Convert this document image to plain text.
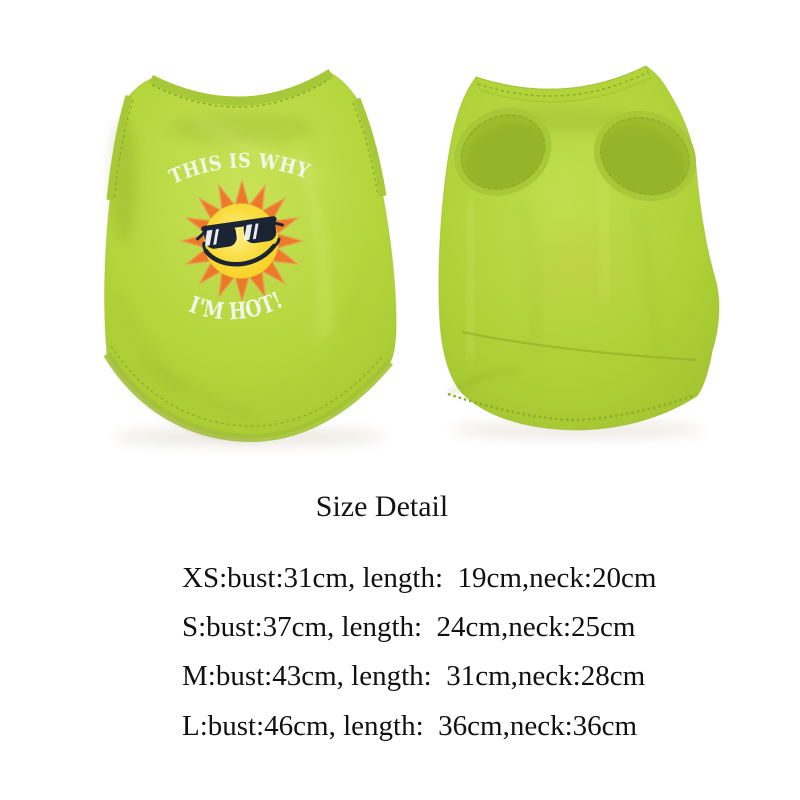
THIS IS WHY
I'M HOT!
Size Detail
XS:bust:31cm, length:  19cm,neck:20cm
S:bust:37cm, length:  24cm,neck:25cm
M:bust:43cm, length:  31cm,neck:28cm
L:bust:46cm, length:  36cm,neck:36cm
